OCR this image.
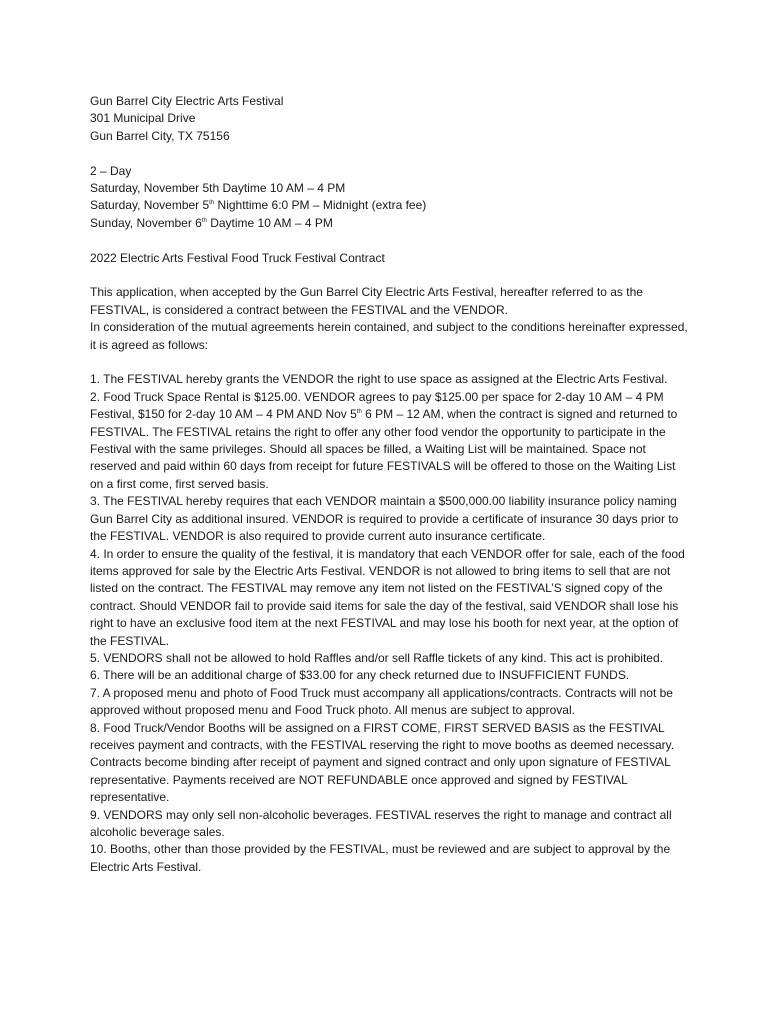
Gun Barrel City Electric Arts Festival
301 Municipal Drive
Gun Barrel City, TX 75156
2 – Day
Saturday, November 5th Daytime 10 AM – 4 PM
Saturday, November 5th Nighttime 6:0 PM – Midnight (extra fee)
Sunday, November 6th Daytime 10 AM – 4 PM
2022 Electric Arts Festival Food Truck Festival Contract
This application, when accepted by the Gun Barrel City Electric Arts Festival, hereafter referred to as the FESTIVAL, is considered a contract between the FESTIVAL and the VENDOR.
In consideration of the mutual agreements herein contained, and subject to the conditions hereinafter expressed, it is agreed as follows:
1. The FESTIVAL hereby grants the VENDOR the right to use space as assigned at the Electric Arts Festival.
2. Food Truck Space Rental is $125.00. VENDOR agrees to pay $125.00 per space for 2-day 10 AM – 4 PM Festival, $150 for 2-day 10 AM – 4 PM AND Nov 5th 6 PM – 12 AM, when the contract is signed and returned to FESTIVAL. The FESTIVAL retains the right to offer any other food vendor the opportunity to participate in the Festival with the same privileges. Should all spaces be filled, a Waiting List will be maintained. Space not reserved and paid within 60 days from receipt for future FESTIVALS will be offered to those on the Waiting List on a first come, first served basis.
3. The FESTIVAL hereby requires that each VENDOR maintain a $500,000.00 liability insurance policy naming Gun Barrel City as additional insured. VENDOR is required to provide a certificate of insurance 30 days prior to the FESTIVAL. VENDOR is also required to provide current auto insurance certificate.
4. In order to ensure the quality of the festival, it is mandatory that each VENDOR offer for sale, each of the food items approved for sale by the Electric Arts Festival. VENDOR is not allowed to bring items to sell that are not listed on the contract. The FESTIVAL may remove any item not listed on the FESTIVAL’S signed copy of the contract. Should VENDOR fail to provide said items for sale the day of the festival, said VENDOR shall lose his right to have an exclusive food item at the next FESTIVAL and may lose his booth for next year, at the option of the FESTIVAL.
5. VENDORS shall not be allowed to hold Raffles and/or sell Raffle tickets of any kind. This act is prohibited.
6. There will be an additional charge of $33.00 for any check returned due to INSUFFICIENT FUNDS.
7. A proposed menu and photo of Food Truck must accompany all applications/contracts. Contracts will not be approved without proposed menu and Food Truck photo. All menus are subject to approval.
8. Food Truck/Vendor Booths will be assigned on a FIRST COME, FIRST SERVED BASIS as the FESTIVAL receives payment and contracts, with the FESTIVAL reserving the right to move booths as deemed necessary. Contracts become binding after receipt of payment and signed contract and only upon signature of FESTIVAL representative. Payments received are NOT REFUNDABLE once approved and signed by FESTIVAL representative.
9. VENDORS may only sell non-alcoholic beverages. FESTIVAL reserves the right to manage and contract all alcoholic beverage sales.
10. Booths, other than those provided by the FESTIVAL, must be reviewed and are subject to approval by the Electric Arts Festival.
